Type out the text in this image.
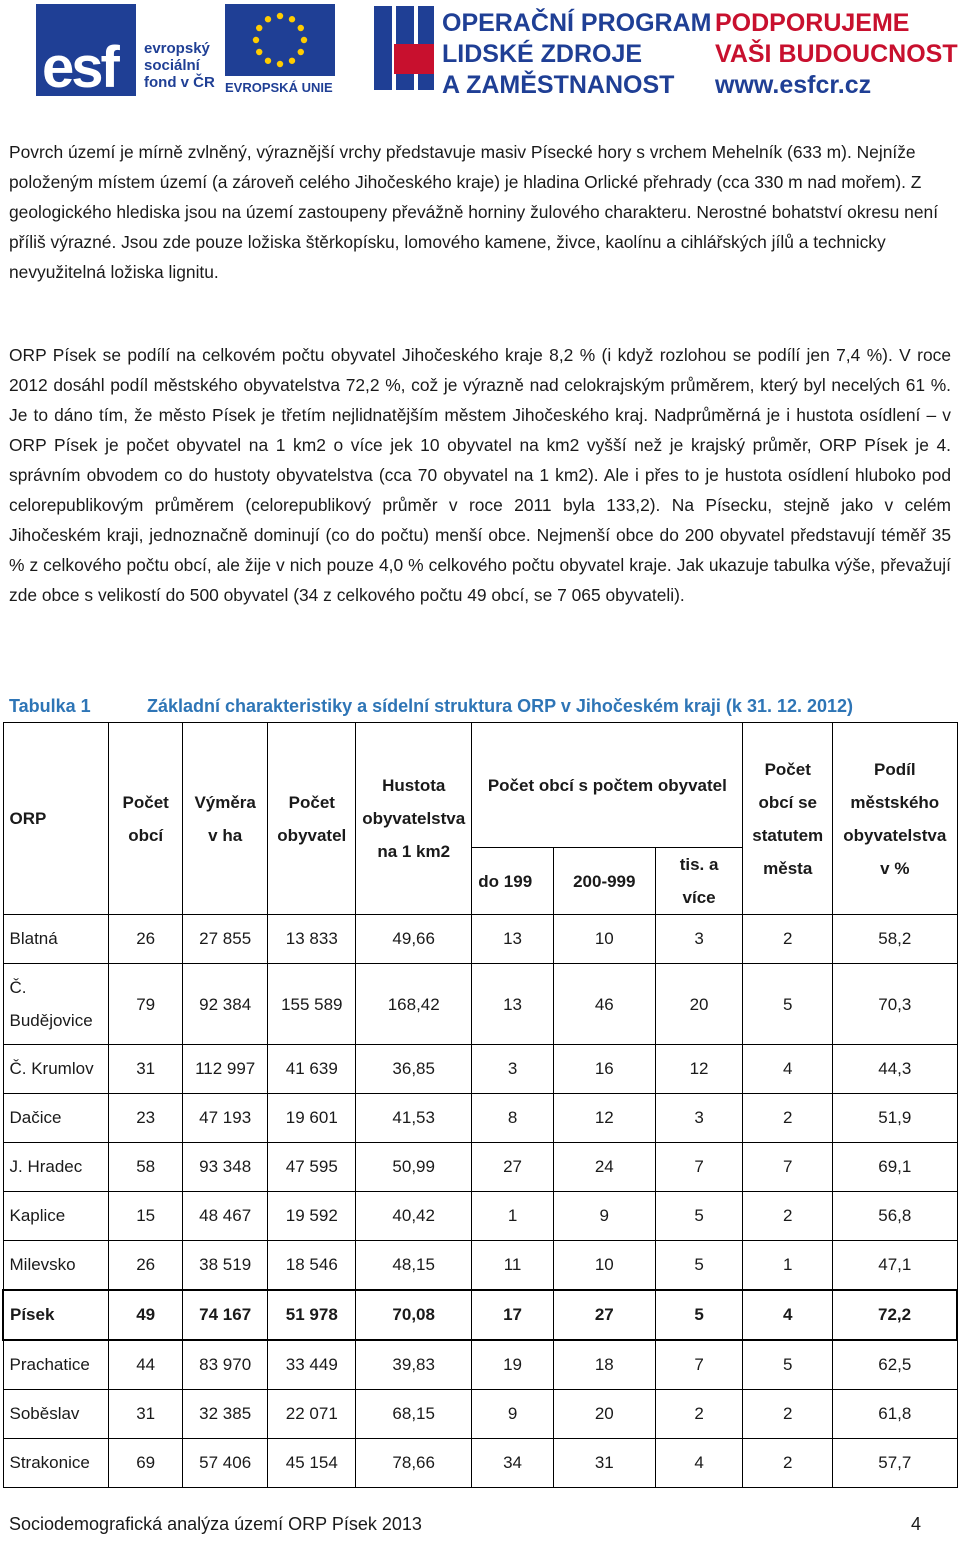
esf evropský
sociální
fond v ČR EVROPSKÁ UNIE
OPERAČNÍ PROGRAM
LIDSKÉ ZDROJE
A ZAMĚSTNANOST
PODPORUJEME
VAŠI BUDOUCNOST
www.esfcr.cz

Povrch území je mírně zvlněný, výraznější vrchy představuje masiv Písecké hory s vrchem Mehelník (633 m). Nejníže položeným místem území (a zároveň celého Jihočeského kraje) je hladina Orlické přehrady (cca 330 m nad mořem). Z geologického hlediska jsou na území zastoupeny převážně horniny žulového charakteru. Nerostné bohatství okresu není příliš výrazné. Jsou zde pouze ložiska štěrkopísku, lomového kamene, živce, kaolínu a cihlářských jílů a technicky nevyužitelná ložiska lignitu.

ORP Písek se podílí na celkovém počtu obyvatel Jihočeského kraje 8,2 % (i když rozlohou se podílí jen 7,4 %). V roce 2012 dosáhl podíl městského obyvatelstva 72,2 %, což je výrazně nad celokrajským průměrem, který byl necelých 61 %. Je to dáno tím, že město Písek je třetím nejlidnatějším městem Jihočeského kraj. Nadprůměrná je i hustota osídlení – v ORP Písek je počet obyvatel na 1 km2 o více jek 10 obyvatel na km2 vyšší než je krajský průměr, ORP Písek je 4. správním obvodem co do hustoty obyvatelstva (cca 70 obyvatel na 1 km2). Ale i přes to je hustota osídlení hluboko pod celorepublikovým průměrem (celorepublikový průměr v roce 2011 byla 133,2). Na Písecku, stejně jako v celém Jihočeském kraji, jednoznačně dominují (co do počtu) menší obce. Nejmenší obce do 200 obyvatel představují téměř 35 % z celkového počtu obcí, ale žije v nich pouze 4,0 % celkového počtu obyvatel kraje. Jak ukazuje tabulka výše, převažují zde obce s velikostí do 500 obyvatel (34 z celkového počtu 49 obcí, se 7 065 obyvateli).

Tabulka 1	Základní charakteristiky a sídelní struktura ORP v Jihočeském kraji (k 31. 12. 2012)
ORP	Počet obcí	Výměra v ha	Počet obyvatel	Hustota obyvatelstva na 1 km2	Počet obcí s počtem obyvatel			Počet obcí se statutem města	Podíl městského obyvatelstva v %
					do 199	200-999	tis. a více		
Blatná	26	27 855	13 833	49,66	13	10	3	2	58,2
Č. Budějovice	79	92 384	155 589	168,42	13	46	20	5	70,3
Č. Krumlov	31	112 997	41 639	36,85	3	16	12	4	44,3
Dačice	23	47 193	19 601	41,53	8	12	3	2	51,9
J. Hradec	58	93 348	47 595	50,99	27	24	7	7	69,1
Kaplice	15	48 467	19 592	40,42	1	9	5	2	56,8
Milevsko	26	38 519	18 546	48,15	11	10	5	1	47,1
Písek	49	74 167	51 978	70,08	17	27	5	4	72,2
Prachatice	44	83 970	33 449	39,83	19	18	7	5	62,5
Soběslav	31	32 385	22 071	68,15	9	20	2	2	61,8
Strakonice	69	57 406	45 154	78,66	34	31	4	2	57,7
Sociodemografická analýza území ORP Písek 2013	4
